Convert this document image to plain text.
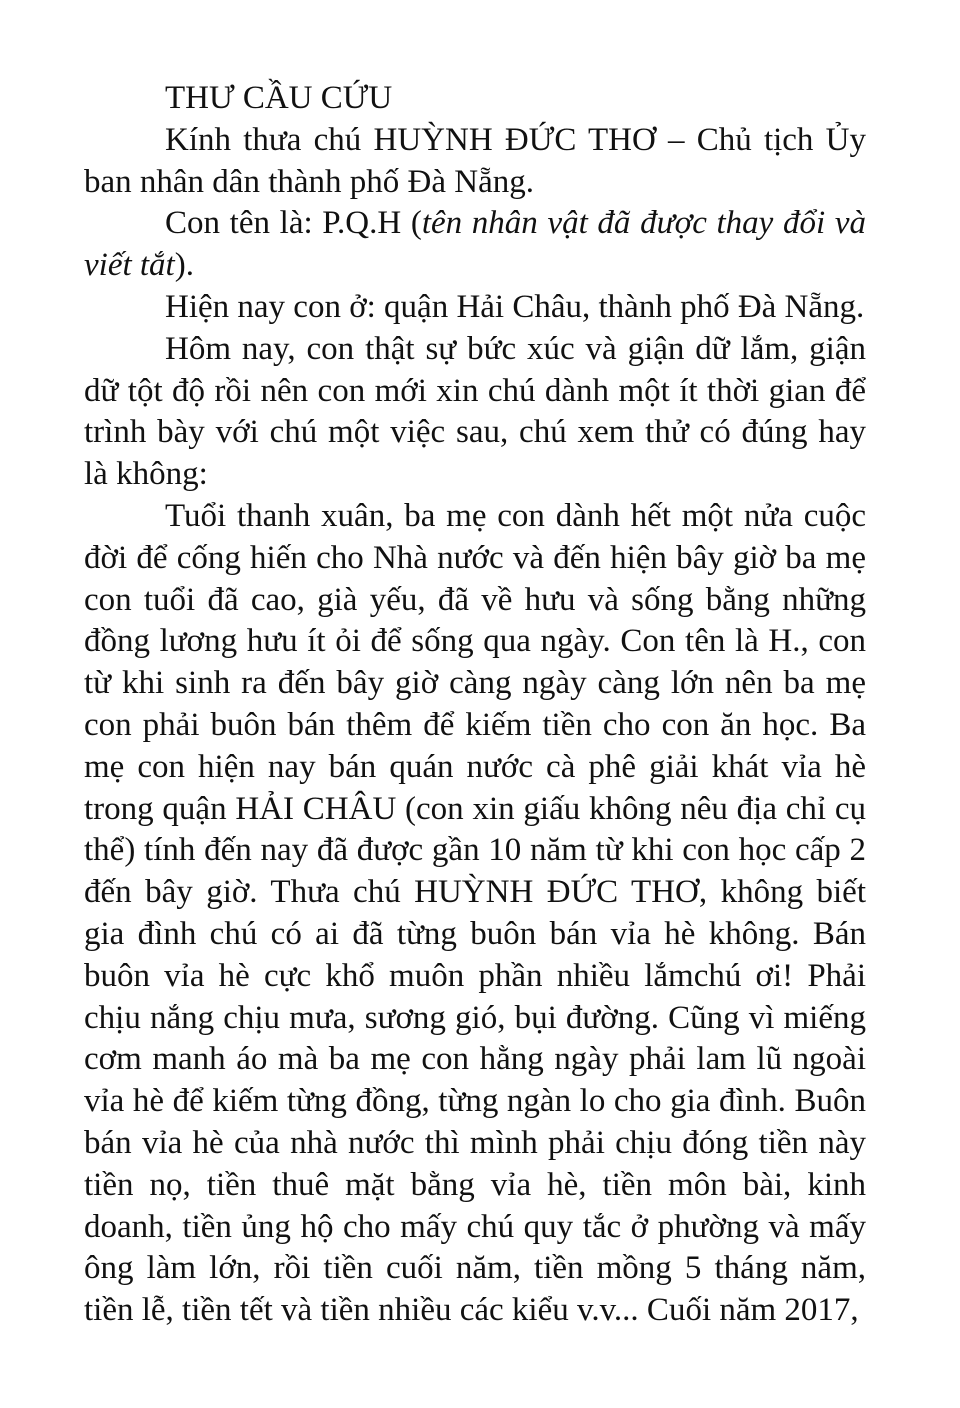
THƯ CẦU CỨU

Kính thưa chú HUỲNH ĐỨC THƠ – Chủ tịch Ủy ban nhân dân thành phố Đà Nẵng.

Con tên là: P.Q.H (tên nhân vật đã được thay đổi và viết tắt).

Hiện nay con ở: quận Hải Châu, thành phố Đà Nẵng.

Hôm nay, con thật sự bức xúc và giận dữ lắm, giận dữ tột độ rồi nên con mới xin chú dành một ít thời gian để trình bày với chú một việc sau, chú xem thử có đúng hay là không:

Tuổi thanh xuân, ba mẹ con dành hết một nửa cuộc đời để cống hiến cho Nhà nước và đến hiện bây giờ ba mẹ con tuổi đã cao, già yếu, đã về hưu và sống bằng những đồng lương hưu ít ỏi để sống qua ngày. Con tên là H., con từ khi sinh ra đến bây giờ càng ngày càng lớn nên ba mẹ con phải buôn bán thêm để kiếm tiền cho con ăn học. Ba mẹ con hiện nay bán quán nước cà phê giải khát vỉa hè trong quận HẢI CHÂU (con xin giấu không nêu địa chỉ cụ thể) tính đến nay đã được gần 10 năm từ khi con học cấp 2 đến bây giờ. Thưa chú HUỲNH ĐỨC THƠ, không biết gia đình chú có ai đã từng buôn bán vỉa hè không. Bán buôn vỉa hè cực khổ muôn phần nhiều lắmchú ơi! Phải chịu nắng chịu mưa, sương gió, bụi đường. Cũng vì miếng cơm manh áo mà ba mẹ con hằng ngày phải lam lũ ngoài vỉa hè để kiếm từng đồng, từng ngàn lo cho gia đình. Buôn bán vỉa hè của nhà nước thì mình phải chịu đóng tiền này tiền nọ, tiền thuê mặt bằng vỉa hè, tiền môn bài, kinh doanh, tiền ủng hộ cho mấy chú quy tắc ở phường và mấy ông làm lớn, rồi tiền cuối năm, tiền mồng 5 tháng năm, tiền lễ, tiền tết và tiền nhiều các kiểu v.v... Cuối năm 2017,
